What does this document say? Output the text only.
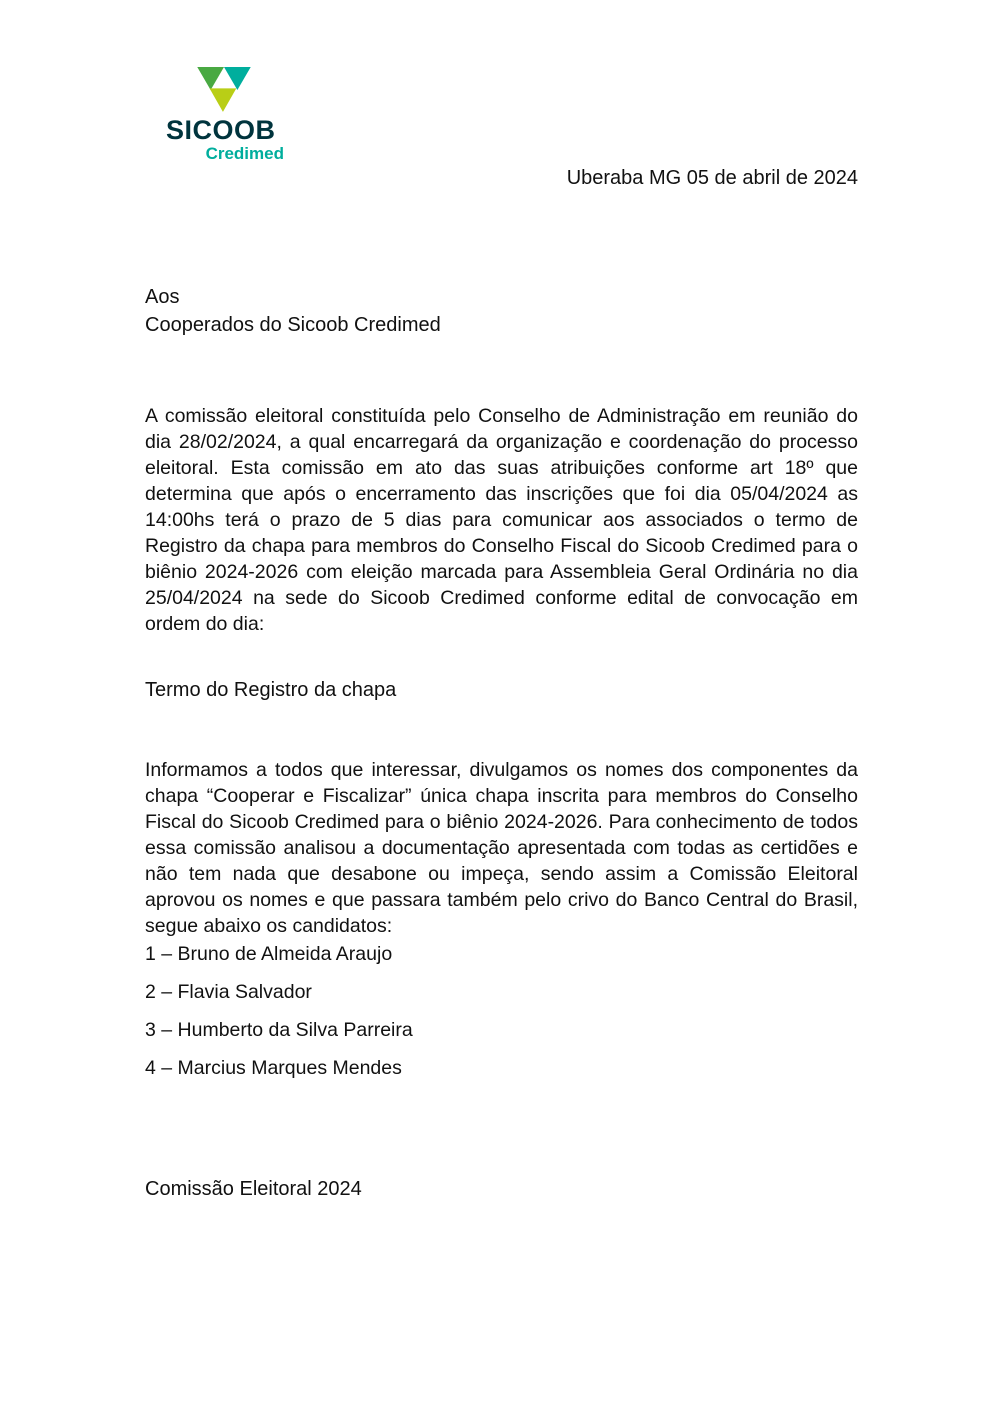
SICOOB
Credimed
Uberaba MG 05 de abril de 2024
Aos
Cooperados do Sicoob Credimed
A comissão eleitoral constituída pelo Conselho de Administração em reunião do dia 28/02/2024, a qual encarregará da organização e coordenação do processo eleitoral. Esta comissão em ato das suas atribuições conforme art 18º que determina que após o encerramento das inscrições que foi dia 05/04/2024 as 14:00hs terá o prazo de 5 dias para comunicar aos associados o termo de Registro da chapa para membros do Conselho Fiscal do Sicoob Credimed para o biênio 2024-2026 com eleição marcada para Assembleia Geral Ordinária no dia 25/04/2024 na sede do Sicoob Credimed conforme edital de convocação em ordem do dia:
Termo do Registro da chapa
Informamos a todos que interessar, divulgamos os nomes dos componentes da chapa “Cooperar e Fiscalizar” única chapa inscrita para membros do Conselho Fiscal do Sicoob Credimed para o biênio 2024-2026. Para conhecimento de todos essa comissão analisou a documentação apresentada com todas as certidões e não tem nada que desabone ou impeça, sendo assim a Comissão Eleitoral aprovou os nomes e que passara também pelo crivo do Banco Central do Brasil, segue abaixo os candidatos:
1 – Bruno de Almeida Araujo
2 – Flavia Salvador
3 – Humberto da Silva Parreira
4 – Marcius Marques Mendes
Comissão Eleitoral 2024
